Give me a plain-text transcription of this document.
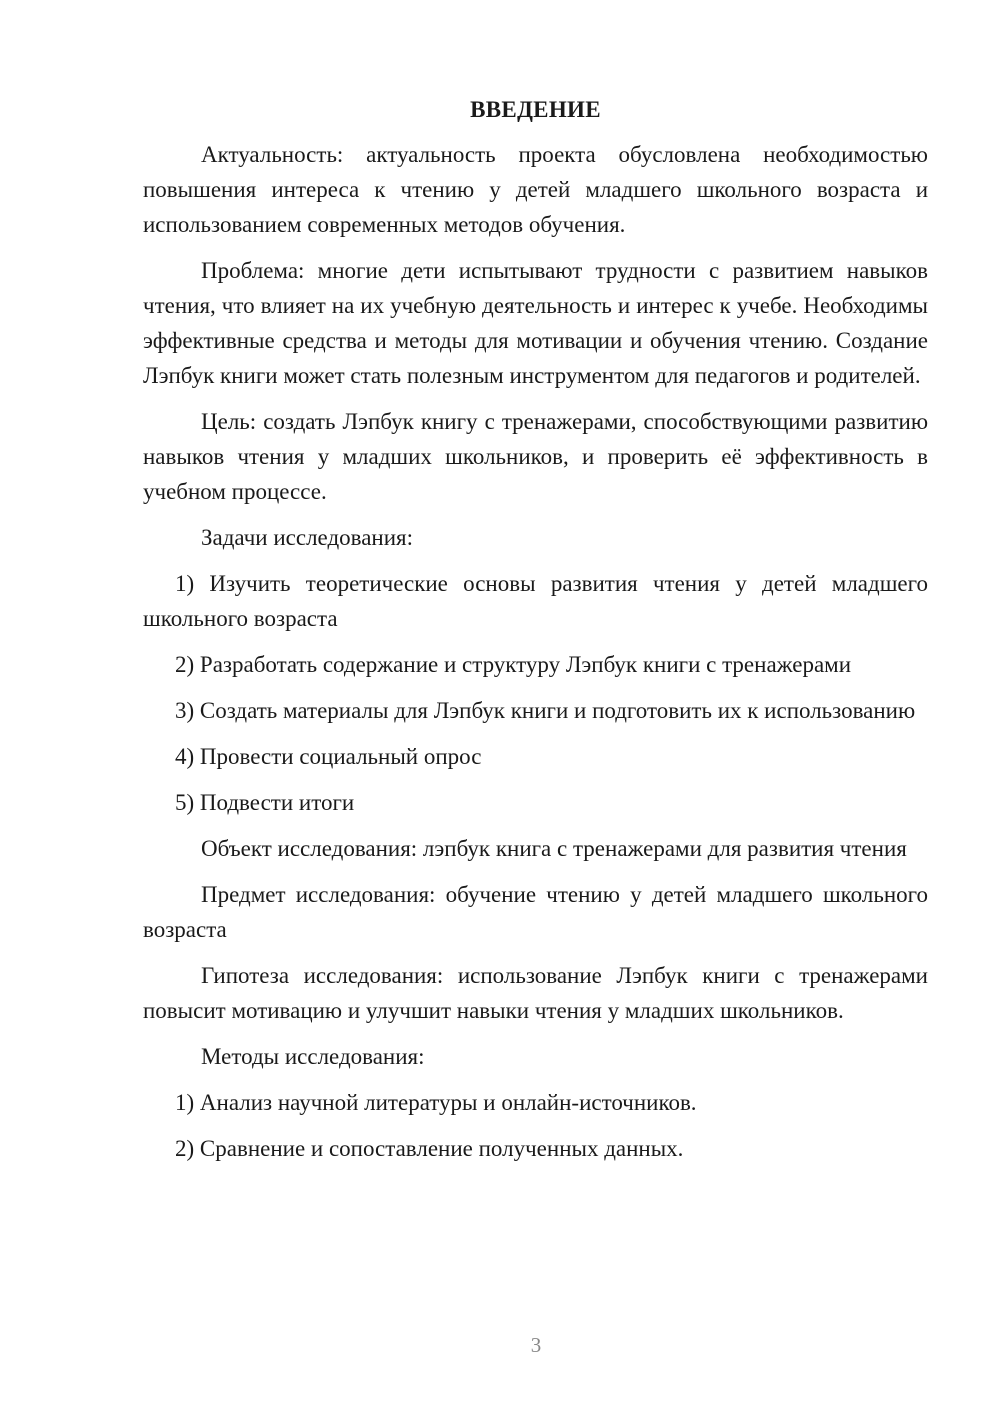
ВВЕДЕНИЕ

Актуальность: актуальность проекта обусловлена необходимостью повышения интереса к чтению у детей младшего школьного возраста и использованием современных методов обучения.

Проблема: многие дети испытывают трудности с развитием навыков чтения, что влияет на их учебную деятельность и интерес к учебе. Необходимы эффективные средства и методы для мотивации и обучения чтению. Создание Лэпбук книги может стать полезным инструментом для педагогов и родителей.

Цель: создать Лэпбук книгу с тренажерами, способствующими развитию навыков чтения у младших школьников, и проверить её эффективность в учебном процессе.

Задачи исследования:

1) Изучить теоретические основы развития чтения у детей младшего школьного возраста

2) Разработать содержание и структуру Лэпбук книги с тренажерами

3) Создать материалы для Лэпбук книги и подготовить их к использованию

4) Провести социальный опрос

5) Подвести итоги

Объект исследования: лэпбук книга с тренажерами для развития чтения

Предмет исследования: обучение чтению у детей младшего школьного возраста

Гипотеза исследования: использование Лэпбук книги с тренажерами повысит мотивацию и улучшит навыки чтения у младших школьников.

Методы исследования:

1) Анализ научной литературы и онлайн-источников.

2) Сравнение и сопоставление полученных данных.

3
